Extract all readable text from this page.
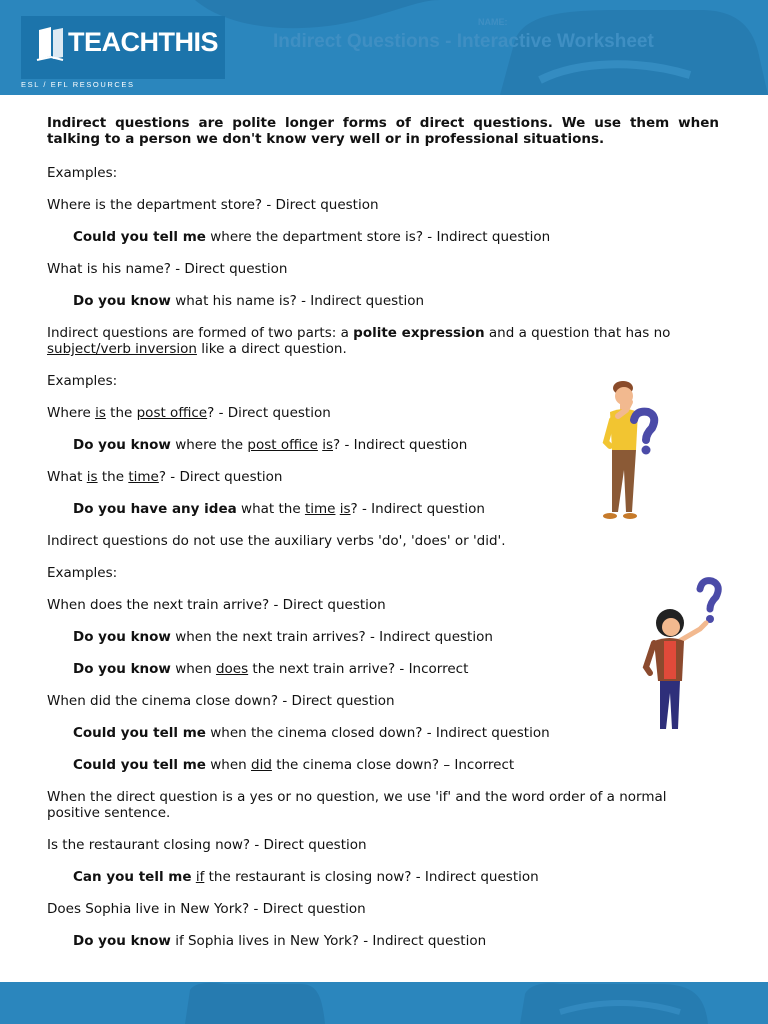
TEACHTHIS
ESL / EFL RESOURCES
NAME:
Indirect Questions - Interactive Worksheet

Indirect questions are polite longer forms of direct questions. We use them when talking to a person we don't know very well or in professional situations.

Examples:

Where is the department store? - Direct question

Could you tell me where the department store is? - Indirect question

What is his name? - Direct question

Do you know what his name is? - Indirect question

Indirect questions are formed of two parts: a polite expression and a question that has no subject/verb inversion like a direct question.

Examples:

Where is the post office? - Direct question

Do you know where the post office is? - Indirect question

What is the time? - Direct question

Do you have any idea what the time is? - Indirect question

Indirect questions do not use the auxiliary verbs 'do', 'does' or 'did'.

Examples:

When does the next train arrive? - Direct question

Do you know when the next train arrives? - Indirect question

Do you know when does the next train arrive? - Incorrect

When did the cinema close down? - Direct question

Could you tell me when the cinema closed down? - Indirect question

Could you tell me when did the cinema close down? – Incorrect

When the direct question is a yes or no question, we use 'if' and the word order of a normal positive sentence.

Is the restaurant closing now? - Direct question

Can you tell me if the restaurant is closing now? - Indirect question

Does Sophia live in New York? - Direct question

Do you know if Sophia lives in New York? - Indirect question
